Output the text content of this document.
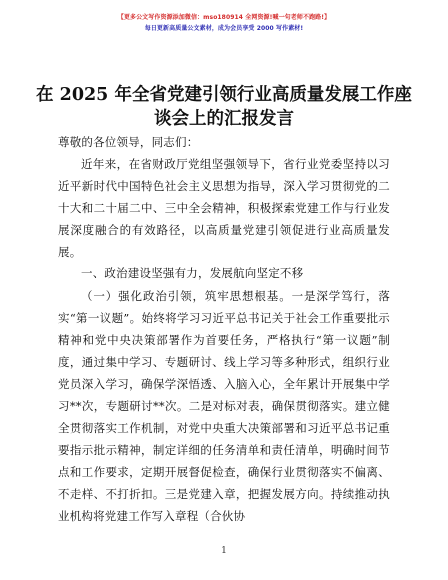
【更多公文写作资源添加微信：mso180914 全网资源!喊一句老师不跑路!】
每日更新高质量公文素材，成为会员享受 2000 写作素材!
在 2025 年全省党建引领行业高质量发展工作座谈会上的汇报发言
尊敬的各位领导，同志们：
近年来，在省财政厅党组坚强领导下，省行业党委坚持以习近平新时代中国特色社会主义思想为指导，深入学习贯彻党的二十大和二十届二中、三中全会精神，积极探索党建工作与行业发展深度融合的有效路径，以高质量党建引领促进行业高质量发展。
一、政治建设坚强有力，发展航向坚定不移
（一）强化政治引领，筑牢思想根基。一是深学笃行，落实“第一议题”。始终将学习习近平总书记关于社会工作重要批示精神和党中央决策部署作为首要任务，严格执行“第一议题”制度，通过集中学习、专题研讨、线上学习等多种形式，组织行业党员深入学习，确保学深悟透、入脑入心，全年累计开展集中学习**次，专题研讨**次。二是对标对表，确保贯彻落实。建立健全贯彻落实工作机制，对党中央重大决策部署和习近平总书记重要指示批示精神，制定详细的任务清单和责任清单，明确时间节点和工作要求，定期开展督促检查，确保行业贯彻落实不偏离、不走样、不打折扣。三是党建入章，把握发展方向。持续推动执业机构将党建工作写入章程（合伙协
1
